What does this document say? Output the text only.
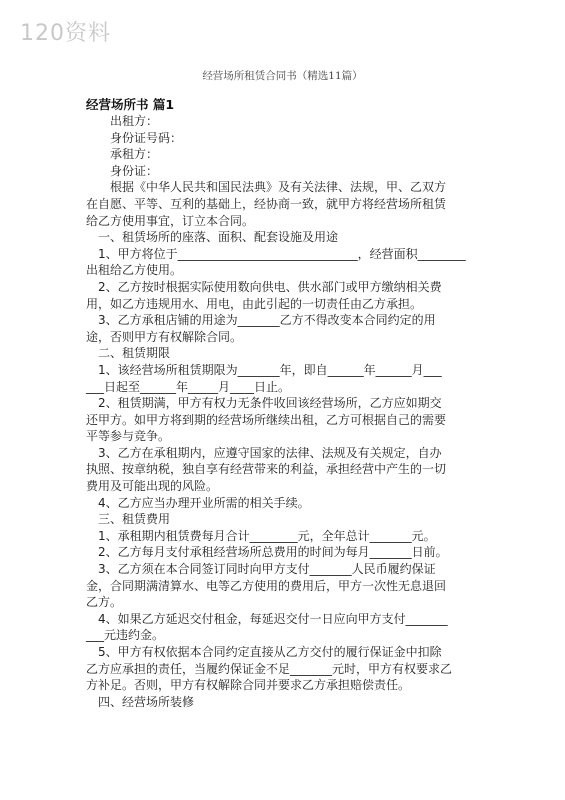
120资料
经营场所租赁合同书（精选11篇）
经营场所书 篇1
出租方：
身份证号码：
承租方：
身份证：
根据《中华人民共和国民法典》及有关法律、法规，甲、乙双方
在自愿、平等、互利的基础上，经协商一致，就甲方将经营场所租赁
给乙方使用事宜，订立本合同。
一、租赁场所的座落、面积、配套设施及用途
1、甲方将位于______________________________，经营面积________
出租给乙方使用。
2、乙方按时根据实际使用数向供电、供水部门或甲方缴纳相关费
用，如乙方违规用水、用电，由此引起的一切责任由乙方承担。
3、乙方承租店铺的用途为_______乙方不得改变本合同约定的用
途，否则甲方有权解除合同。
二、租赁期限
1、该经营场所租赁期限为_______年，即自______年______月___
___日起至______年_____月____日止。
2、租赁期满，甲方有权力无条件收回该经营场所，乙方应如期交
还甲方。如甲方将到期的经营场所继续出租，乙方可根据自己的需要
平等参与竞争。
3、乙方在承租期内，应遵守国家的法律、法规及有关规定，自办
执照、按章纳税，独自享有经营带来的利益，承担经营中产生的一切
费用及可能出现的风险。
4、乙方应当办理开业所需的相关手续。
三、租赁费用
1、承租期内租赁费每月合计________元，全年总计_______元。
2、乙方每月支付承租经营场所总费用的时间为每月_______日前。
3、乙方须在本合同签订同时向甲方支付_______人民币履约保证
金，合同期满清算水、电等乙方使用的费用后，甲方一次性无息退回
乙方。
4、如果乙方延迟交付租金，每延迟交付一日应向甲方支付_______
___元违约金。
5、甲方有权依据本合同约定直接从乙方交付的履行保证金中扣除
乙方应承担的责任，当履约保证金不足_______元时，甲方有权要求乙
方补足。否则，甲方有权解除合同并要求乙方承担赔偿责任。
四、经营场所装修
